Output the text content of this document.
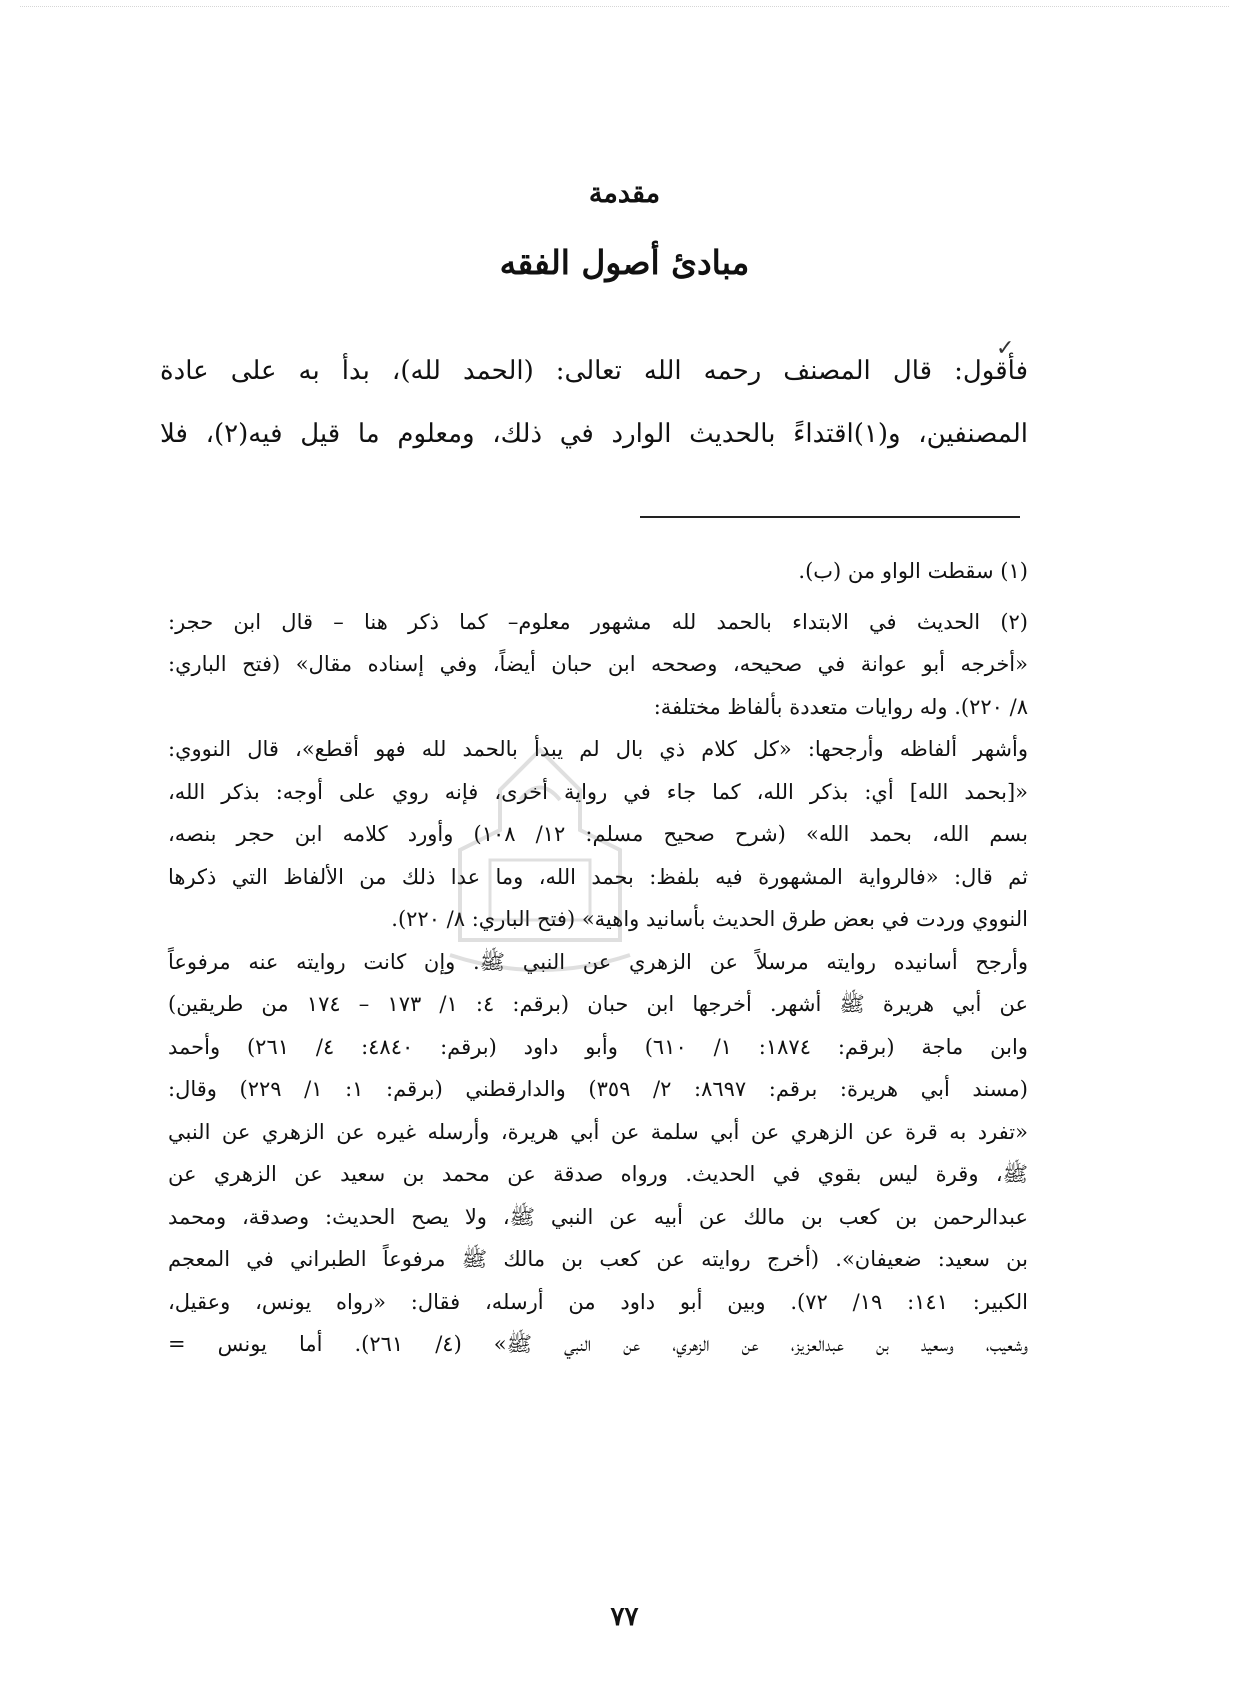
مقدمة
مبادئ أصول الفقه
✓
فأقول: قال المصنف رحمه الله تعالى: (الحمد لله)، بدأ به على عادة
المصنفين، و(١)اقتداءً بالحديث الوارد في ذلك، ومعلوم ما قيل فيه(٢)، فلا
(١) سقطت الواو من (ب).
(٢) الحديث في الابتداء بالحمد لله مشهور معلوم– كما ذكر هنا – قال ابن حجر:
«أخرجه أبو عوانة في صحيحه، وصححه ابن حبان أيضاً، وفي إسناده مقال» (فتح الباري:
٨/ ٢٢٠). وله روايات متعددة بألفاظ مختلفة:
وأشهر ألفاظه وأرجحها: «كل كلام ذي بال لم يبدأ بالحمد لله فهو أقطع»، قال النووي:
«[بحمد الله] أي: بذكر الله، كما جاء في رواية أخرى، فإنه روي على أوجه: بذكر الله،
بسم الله، بحمد الله» (شرح صحيح مسلم: ١٢/ ١٠٨) وأورد كلامه ابن حجر بنصه،
ثم قال: «فالرواية المشهورة فيه بلفظ: بحمد الله، وما عدا ذلك من الألفاظ التي ذكرها
النووي وردت في بعض طرق الحديث بأسانيد واهية» (فتح الباري: ٨/ ٢٢٠).
وأرجح أسانيده روايته مرسلاً عن الزهري عن النبي ﷺ. وإن كانت روايته عنه مرفوعاً
عن أبي هريرة ﷺ أشهر. أخرجها ابن حبان (برقم: ٤: ١/ ١٧٣ – ١٧٤ من طريقين)
وابن ماجة (برقم: ١٨٧٤: ١/ ٦١٠) وأبو داود (برقم: ٤٨٤٠: ٤/ ٢٦١) وأحمد
(مسند أبي هريرة: برقم: ٨٦٩٧: ٢/ ٣٥٩) والدارقطني (برقم: ١: ١/ ٢٢٩) وقال:
«تفرد به قرة عن الزهري عن أبي سلمة عن أبي هريرة، وأرسله غيره عن الزهري عن النبي
ﷺ، وقرة ليس بقوي في الحديث. ورواه صدقة عن محمد بن سعيد عن الزهري عن
عبدالرحمن بن كعب بن مالك عن أبيه عن النبي ﷺ، ولا يصح الحديث: وصدقة، ومحمد
بن سعيد: ضعيفان». (أخرج روايته عن كعب بن مالك ﷺ مرفوعاً الطبراني في المعجم
الكبير: ١٤١: ١٩/ ٧٢). وبين أبو داود من أرسله، فقال: «رواه يونس، وعقيل،
وشعيب، وسعيد بن عبدالعزيز، عن الزهري، عن النبي ﷺ» (٤/ ٢٦١). أما يونس =
٧٧
